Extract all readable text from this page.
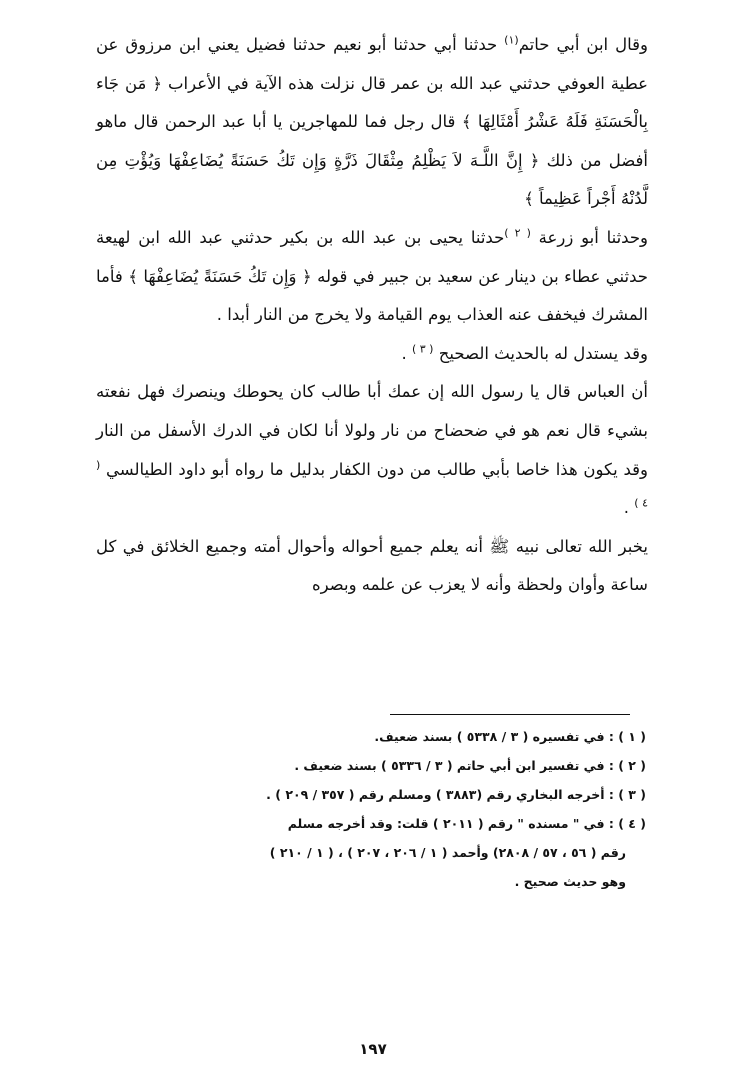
وقال ابن أبي حاتم$^{(١)}$ حدثنا أبي حدثنا أبو نعيم حدثنا فضيل يعني ابن مرزوق عن عطية العوفي حدثني عبد الله بن عمر قال نزلت هذه الآية في الأعراب ﴿ مَن جَاء بِالْحَسَنَةِ فَلَهُ عَشْرُ أَمْثَالِهَا ﴾ قال رجل فما للمهاجرين يا أبا عبد الرحمن قال ماهو أفضل من ذلك ﴿ إِنَّ اللَّـهَ لاَ يَظْلِمُ مِثْقَالَ ذَرَّةٍ وَإِن تَكُ حَسَنَةً يُضَاعِفْهَا وَيُؤْتِ مِن لَّدُنْهُ أَجْراً عَظِيماً ﴾

وحدثنا أبو زرعة $^{( ٢ )}$حدثنا يحيى بن عبد الله بن بكير حدثني عبد الله ابن لهيعة حدثني عطاء بن دينار عن سعيد بن جبير في قوله ﴿ وَإِن تَكُ حَسَنَةً يُضَاعِفْهَا ﴾ فأما المشرك فيخفف عنه العذاب يوم القيامة ولا يخرج من النار أبدا .

وقد يستدل له بالحديث الصحيح $^{( ٣ )}$ .

أن العباس قال يا رسول الله إن عمك أبا طالب كان يحوطك وينصرك فهل نفعته بشيء قال نعم هو في ضحضاح من نار ولولا أنا لكان في الدرك الأسفل من النار وقد يكون هذا خاصا بأبي طالب من دون الكفار بدليل ما رواه أبو داود الطيالسي $^{( ٤ )}$ .

يخبر الله تعالى نبيه ﷺ أنه يعلم جميع أحواله وأحوال أمته وجميع الخلائق في كل ساعة وأوان ولحظة وأنه لا يعزب عن علمه وبصره

( ١ ) : في تفسيره ( ٣ / ٥٣٣٨ ) بسند ضعيف.

( ٢ ) : في تفسير ابن أبي حاتم ( ٣ / ٥٣٣٦ ) بسند ضعيف .

( ٣ ) : أخرجه البخاري رقم (٣٨٨٣ ) ومسلم رقم ( ٣٥٧ / ٢٠٩ ) .

( ٤ ) : في " مسنده " رقم ( ٢٠١١ ) قلت: وقد أخرجه مسلم

رقم ( ٥٦ ، ٥٧ / ٢٨٠٨) وأحمد ( ١ / ٢٠٦ ، ٢٠٧ ) ، ( ١ / ٢١٠ )

وهو حديث صحيح .

١٩٧
